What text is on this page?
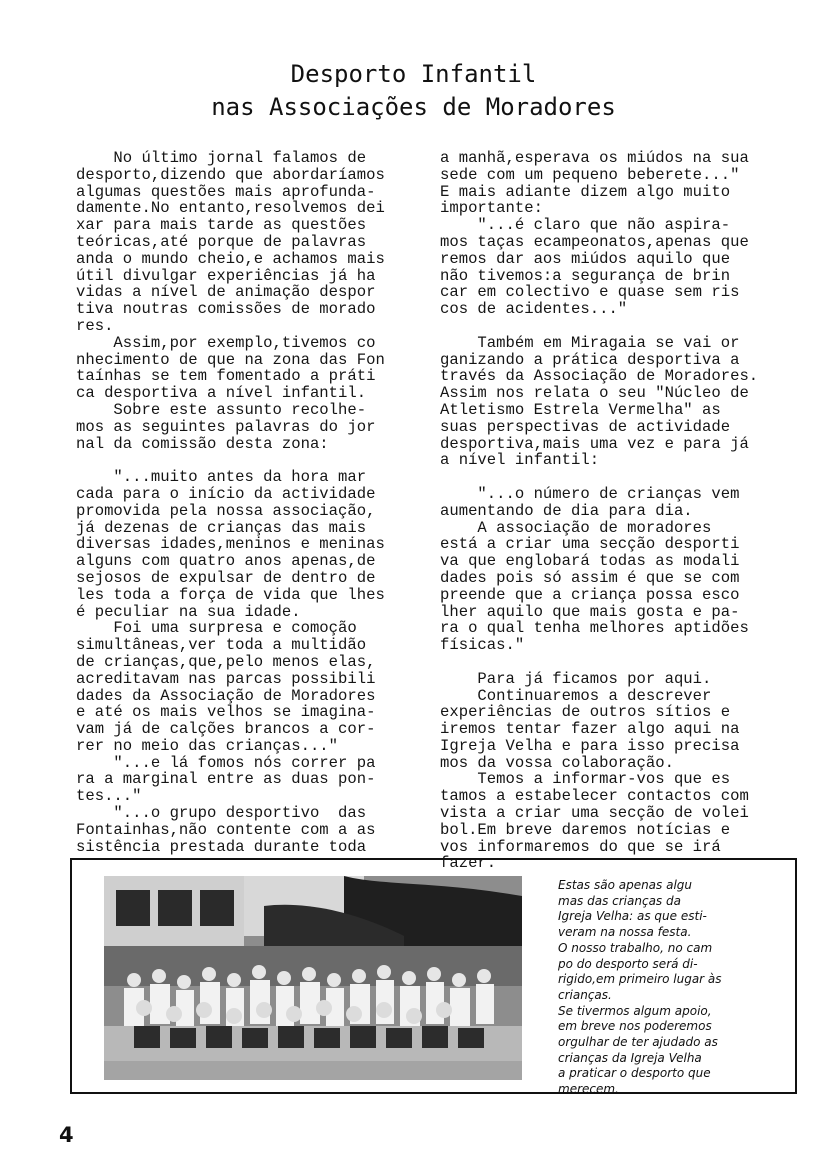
Desporto Infantil
nas Associações de Moradores

No último jornal falamos de

desporto,dizendo que abordaríamos

algumas questões mais aprofunda-

damente.No entanto,resolvemos dei

xar para mais tarde as questões

teóricas,até porque de palavras

anda o mundo cheio,e achamos mais

útil divulgar experiências já ha

vidas a nível de animação despor

tiva noutras comissões de morado

res.

Assim,por exemplo,tivemos co

nhecimento de que na zona das Fon

taínhas se tem fomentado a práti

ca desportiva a nível infantil.

Sobre este assunto recolhe-

mos as seguintes palavras do jor

nal da comissão desta zona:

"...muito antes da hora mar

cada para o início da actividade

promovida pela nossa associação,

já dezenas de crianças das mais

diversas idades,meninos e meninas

alguns com quatro anos apenas,de

sejosos de expulsar de dentro de

les toda a força de vida que lhes

é peculiar na sua idade.

Foi uma surpresa e comoção

simultâneas,ver toda a multidão

de crianças,que,pelo menos elas,

acreditavam nas parcas possibili

dades da Associação de Moradores

e até os mais velhos se imagina-

vam já de calções brancos a cor-

rer no meio das crianças..."

"...e lá fomos nós correr pa

ra a marginal entre as duas pon-

tes..."

"...o grupo desportivo  das

Fontainhas,não contente com a as

sistência prestada durante toda

a manhã,esperava os miúdos na sua

sede com um pequeno beberete..."

E mais adiante dizem algo muito

importante:

"...é claro que não aspira-

mos taças ecampeonatos,apenas que

remos dar aos miúdos aquilo que

não tivemos:a segurança de brin

car em colectivo e quase sem ris

cos de acidentes..."

Também em Miragaia se vai or

ganizando a prática desportiva a

través da Associação de Moradores.

Assim nos relata o seu "Núcleo de

Atletismo Estrela Vermelha" as

suas perspectivas de actividade

desportiva,mais uma vez e para já

a nível infantil:

"...o número de crianças vem

aumentando de dia para dia.

A associação de moradores

está a criar uma secção desporti

va que englobará todas as modali

dades pois só assim é que se com

preende que a criança possa esco

lher aquilo que mais gosta e pa-

ra o qual tenha melhores aptidões

físicas."

Para já ficamos por aqui.

Continuaremos a descrever

experiências de outros sítios e

iremos tentar fazer algo aqui na

Igreja Velha e para isso precisa

mos da vossa colaboração.

Temos a informar-vos que es

tamos a estabelecer contactos com

vista a criar uma secção de volei

bol.Em breve daremos notícias e

vos informaremos do que se irá

fazer.

Estas são apenas algu

mas das crianças da

Igreja Velha: as que esti-

veram na nossa festa.

O nosso trabalho, no cam

po do desporto será di-

rigido,em primeiro lugar às

crianças.

Se tivermos algum apoio,

em breve nos poderemos

orgulhar de ter ajudado as

crianças da Igreja Velha

a praticar o desporto que

merecem.

4
